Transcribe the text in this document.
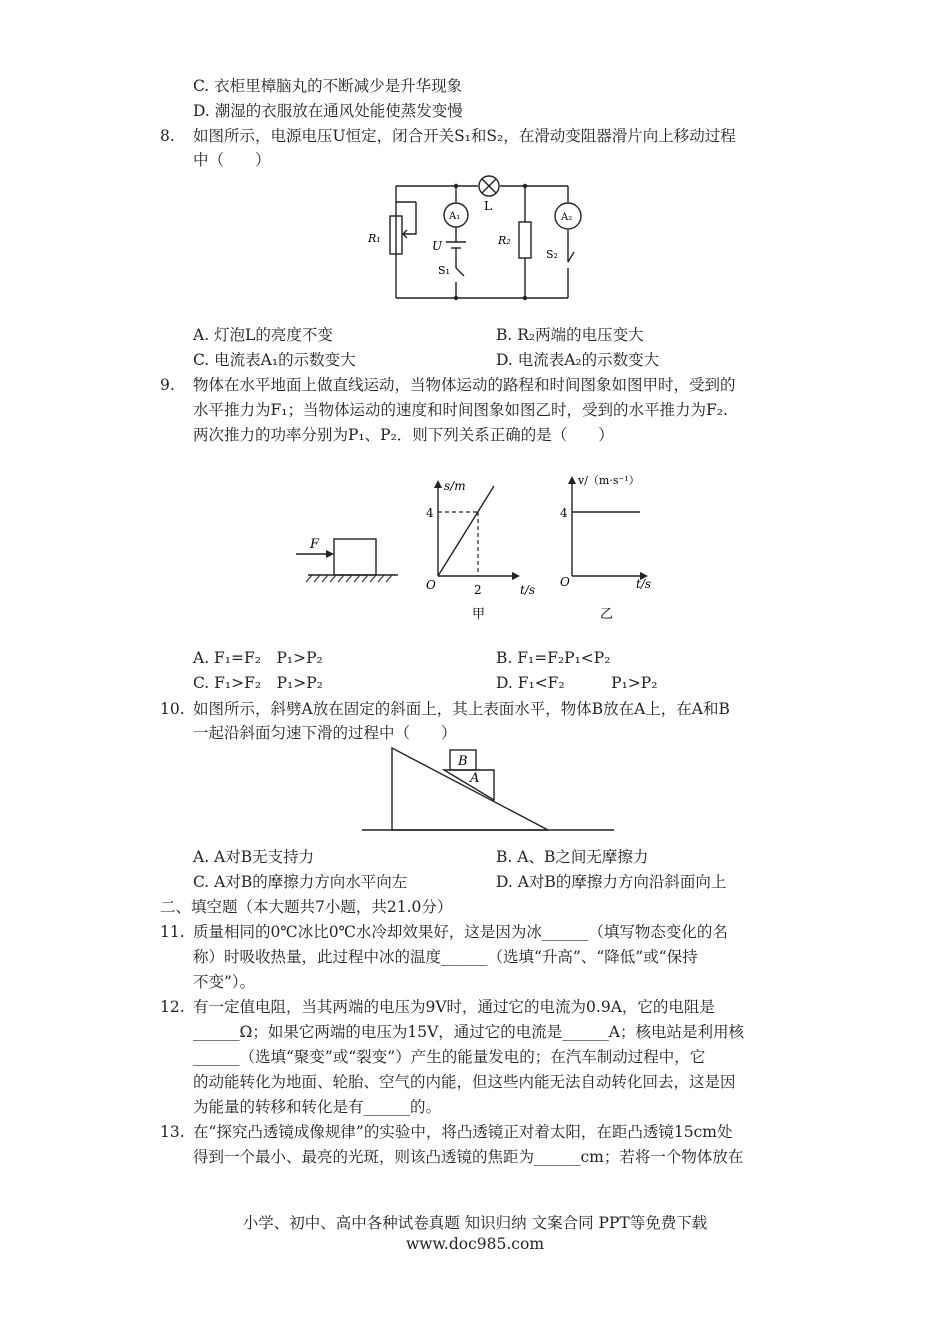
C. 衣柜里樟脑丸的不断减少是升华现象
D. 潮湿的衣服放在通风处能使蒸发变慢
8. 如图所示，电源电压U恒定，闭合开关S₁和S₂，在滑动变阻器滑片向上移动过程
中（　　）
L
A₁	A₂
U
R₁	R₂
S₁
S₂
A. 灯泡L的亮度不变	B. R₂两端的电压变大
C. 电流表A₁的示数变大	D. 电流表A₂的示数变大
9. 物体在水平地面上做直线运动，当物体运动的路程和时间图象如图甲时，受到的
水平推力为F₁；当物体运动的速度和时间图象如图乙时，受到的水平推力为F₂.
两次推力的功率分别为P₁、P₂．则下列关系正确的是（　　）
F
s/m
4
O	2	t/s
甲
v/（m·s⁻¹）
4
O	t/s
乙
A. F₁=F₂　P₁>P₂	B. F₁=F₂P₁<P₂
C. F₁>F₂　P₁>P₂	D. F₁<F₂　　　P₁>P₂
10. 如图所示，斜劈A放在固定的斜面上，其上表面水平，物体B放在A上，在A和B
一起沿斜面匀速下滑的过程中（　　）
B
A
A. A对B无支持力	B. A、B之间无摩擦力
C. A对B的摩擦力方向水平向左	D. A对B的摩擦力方向沿斜面向上
二、填空题（本大题共7小题，共21.0分）
11. 质量相同的0℃冰比0℃水冷却效果好，这是因为冰______（填写物态变化的名
称）时吸收热量，此过程中冰的温度______（选填“升高”、“降低”或“保持
不变”）。
12. 有一定值电阻，当其两端的电压为9V时，通过它的电流为0.9A，它的电阻是
______Ω；如果它两端的电压为15V，通过它的电流是______A；核电站是利用核
______（选填“聚变”或“裂变”）产生的能量发电的；在汽车制动过程中，它
的动能转化为地面、轮胎、空气的内能，但这些内能无法自动转化回去，这是因
为能量的转移和转化是有______的。
13. 在“探究凸透镜成像规律”的实验中，将凸透镜正对着太阳，在距凸透镜15cm处
得到一个最小、最亮的光斑，则该凸透镜的焦距为______cm；若将一个物体放在
小学、初中、高中各种试卷真题 知识归纳 文案合同 PPT等免费下载
www.doc985.com
